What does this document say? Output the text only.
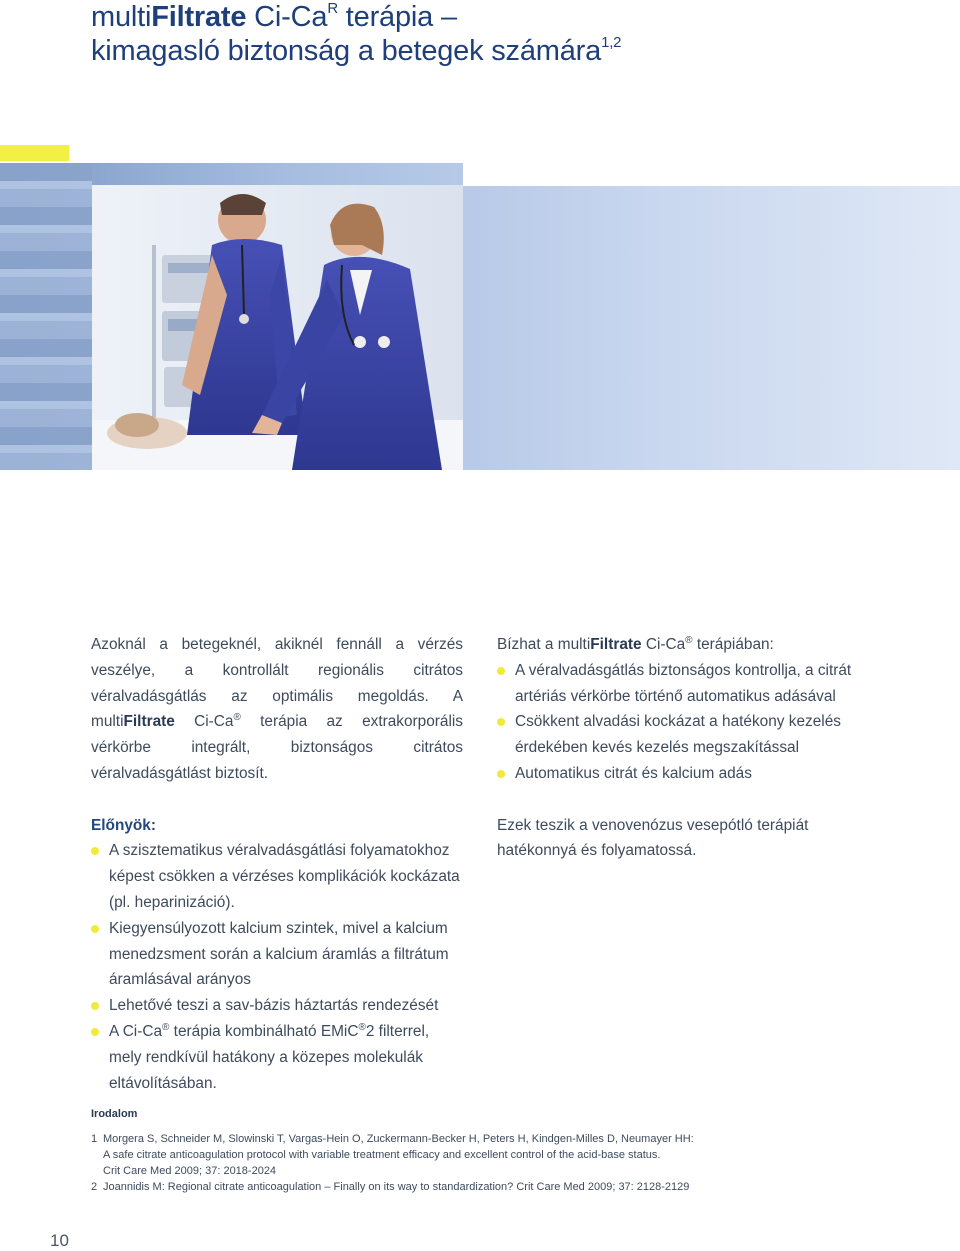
multiFiltrate $Ci-Ca^R$ terápia –
kimagasló biztonság a betegek számára$^{1,2}$

Azoknál a betegeknél, akiknél fennáll a vérzés veszélye, a kontrollált regionális citrátos véralvadásgátlás az optimális megoldás. A multiFiltrate Ci-Ca® terápia az extrakorporális vérkörbe integrált, biztonságos citrátos véralvadásgátlást biztosít.

Előnyök:

A szisztematikus véralvadásgátlási folyamatokhoz képest csökken a vérzéses komplikációk kockázata (pl. heparinizáció).
Kiegyensúlyozott kalcium szintek, mivel a kalcium menedzsment során a kalcium áramlás a filtrátum áramlásával arányos
Lehetővé teszi a sav-bázis háztartás rendezését
A Ci-Ca® terápia kombinálható EMiC®2 filterrel, mely rendkívül hatákony a közepes molekulák eltávolításában.

Bízhat a multiFiltrate Ci-Ca® terápiában:

A véralvadásgátlás biztonságos kontrollja, a citrát artériás vérkörbe történő automatikus adásával
Csökkent alvadási kockázat a hatékony kezelés érdekében kevés kezelés megszakítással
Automatikus citrát és kalcium adás

Ezek teszik a venovenózus vesepótló terápiát hatékonnyá és folyamatossá.

Irodalom
1 Morgera S, Schneider M, Slowinski T, Vargas-Hein O, Zuckermann-Becker H, Peters H, Kindgen-Milles D, Neumayer HH:
A safe citrate anticoagulation protocol with variable treatment efficacy and excellent control of the acid-base status.
Crit Care Med 2009; 37: 2018-2024
2 Joannidis M: Regional citrate anticoagulation – Finally on its way to standardization? Crit Care Med 2009; 37: 2128-2129
10
